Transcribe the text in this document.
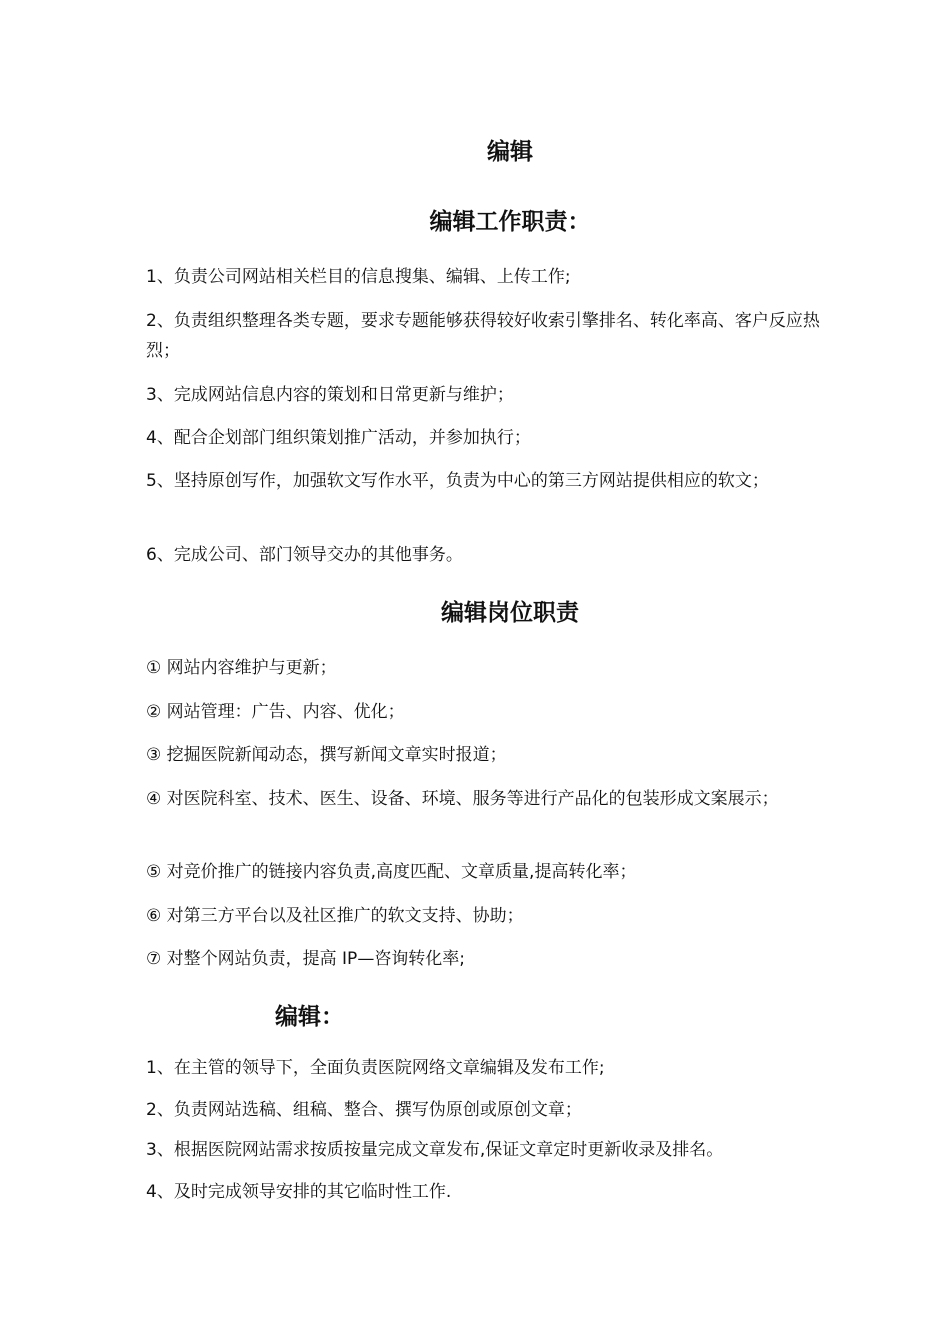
编辑
编辑工作职责：

1、负责公司网站相关栏目的信息搜集、编辑、上传工作;

2、负责组织整理各类专题，要求专题能够获得较好收索引擎排名、转化率高、客户反应热烈；

3、完成网站信息内容的策划和日常更新与维护；

4、配合企划部门组织策划推广活动，并参加执行；

5、坚持原创写作，加强软文写作水平，负责为中心的第三方网站提供相应的软文；

6、完成公司、部门领导交办的其他事务。

编辑岗位职责

① 网站内容维护与更新；

② 网站管理：广告、内容、优化；

③ 挖掘医院新闻动态，撰写新闻文章实时报道；

④ 对医院科室、技术、医生、设备、环境、服务等进行产品化的包装形成文案展示；

⑤ 对竞价推广的链接内容负责,高度匹配、文章质量,提高转化率；

⑥ 对第三方平台以及社区推广的软文支持、协助；

⑦ 对整个网站负责，提高 IP—咨询转化率;

编辑：

1、在主管的领导下，全面负责医院网络文章编辑及发布工作;

2、负责网站选稿、组稿、整合、撰写伪原创或原创文章；

3、根据医院网站需求按质按量完成文章发布,保证文章定时更新收录及排名。

4、及时完成领导安排的其它临时性工作.
